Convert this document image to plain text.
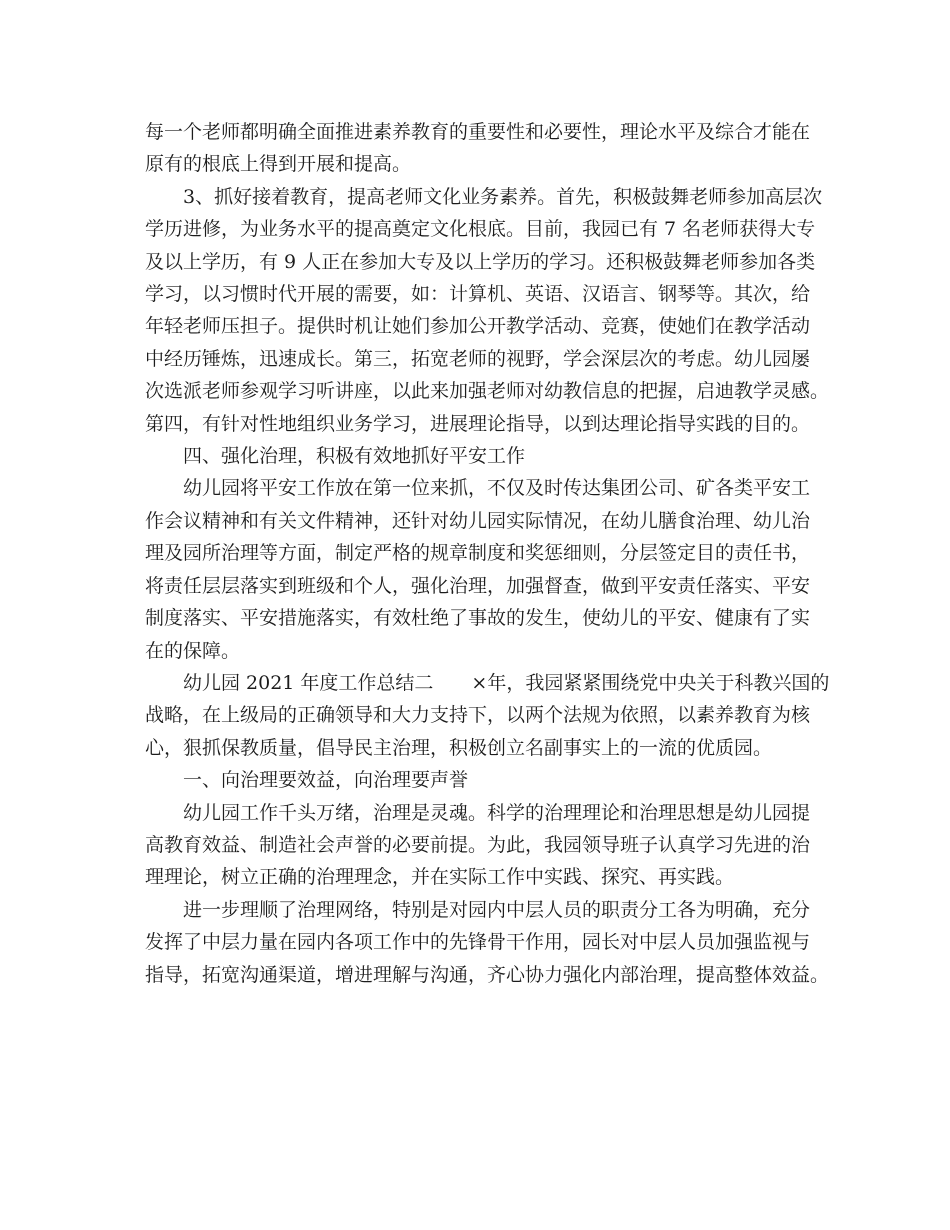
每一个老师都明确全面推进素养教育的重要性和必要性，理论水平及综合才能在
原有的根底上得到开展和提高。

3、抓好接着教育，提高老师文化业务素养。首先，积极鼓舞老师参加高层次
学历进修，为业务水平的提高奠定文化根底。目前，我园已有 7 名老师获得大专
及以上学历，有 9 人正在参加大专及以上学历的学习。还积极鼓舞老师参加各类
学习，以习惯时代开展的需要，如：计算机、英语、汉语言、钢琴等。其次，给
年轻老师压担子。提供时机让她们参加公开教学活动、竞赛，使她们在教学活动
中经历锤炼，迅速成长。第三，拓宽老师的视野，学会深层次的考虑。幼儿园屡
次选派老师参观学习听讲座，以此来加强老师对幼教信息的把握，启迪教学灵感。
第四，有针对性地组织业务学习，进展理论指导，以到达理论指导实践的目的。

四、强化治理，积极有效地抓好平安工作

幼儿园将平安工作放在第一位来抓，不仅及时传达集团公司、矿各类平安工
作会议精神和有关文件精神，还针对幼儿园实际情况，在幼儿膳食治理、幼儿治
理及园所治理等方面，制定严格的规章制度和奖惩细则，分层签定目的责任书，
将责任层层落实到班级和个人，强化治理，加强督查，做到平安责任落实、平安
制度落实、平安措施落实，有效杜绝了事故的发生，使幼儿的平安、健康有了实
在的保障。

幼儿园 2021 年度工作总结二　　×年，我园紧紧围绕党中央关于科教兴国的
战略，在上级局的正确领导和大力支持下，以两个法规为依照，以素养教育为核
心，狠抓保教质量，倡导民主治理，积极创立名副事实上的一流的优质园。

一、向治理要效益，向治理要声誉

幼儿园工作千头万绪，治理是灵魂。科学的治理理论和治理思想是幼儿园提
高教育效益、制造社会声誉的必要前提。为此，我园领导班子认真学习先进的治
理理论，树立正确的治理理念，并在实际工作中实践、探究、再实践。

进一步理顺了治理网络，特别是对园内中层人员的职责分工各为明确，充分
发挥了中层力量在园内各项工作中的先锋骨干作用，园长对中层人员加强监视与
指导，拓宽沟通渠道，增进理解与沟通，齐心协力强化内部治理，提高整体效益。
